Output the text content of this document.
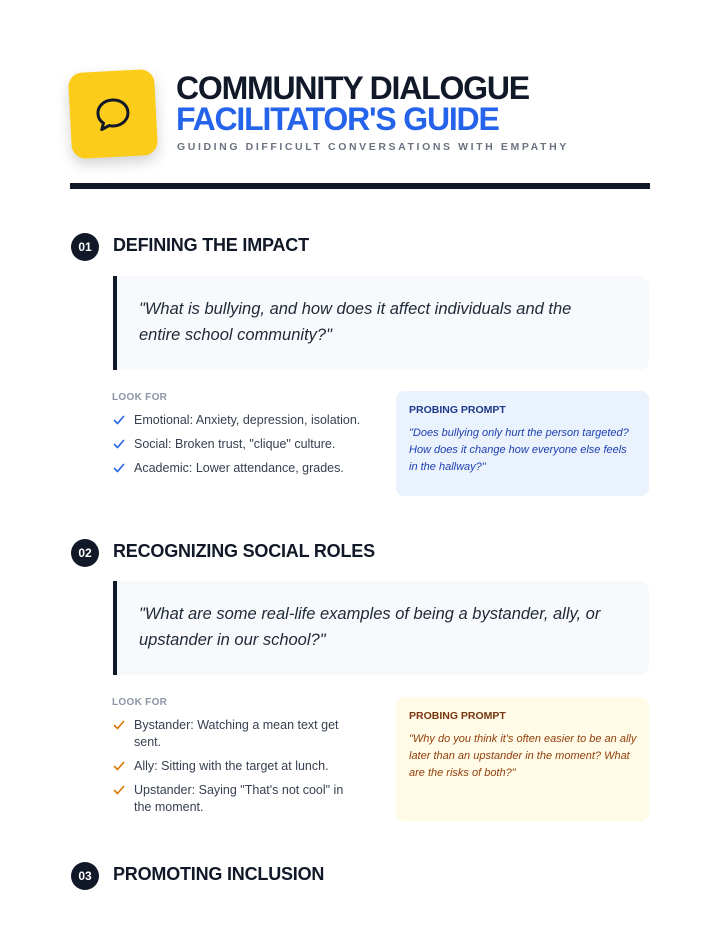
COMMUNITY DIALOGUE
FACILITATOR'S GUIDE
GUIDING DIFFICULT CONVERSATIONS WITH EMPATHY
01	DEFINING THE IMPACT
"What is bullying, and how does it affect individuals and the entire school community?"
LOOK FOR
Emotional: Anxiety, depression, isolation.
Social: Broken trust, "clique" culture.
Academic: Lower attendance, grades.
PROBING PROMPT
"Does bullying only hurt the person targeted? How does it change how everyone else feels in the hallway?"
02	RECOGNIZING SOCIAL ROLES
"What are some real-life examples of being a bystander, ally, or upstander in our school?"
LOOK FOR
Bystander: Watching a mean text get sent.
Ally: Sitting with the target at lunch.
Upstander: Saying "That's not cool" in the moment.
PROBING PROMPT
"Why do you think it's often easier to be an ally later than an upstander in the moment? What are the risks of both?"
03	PROMOTING INCLUSION
